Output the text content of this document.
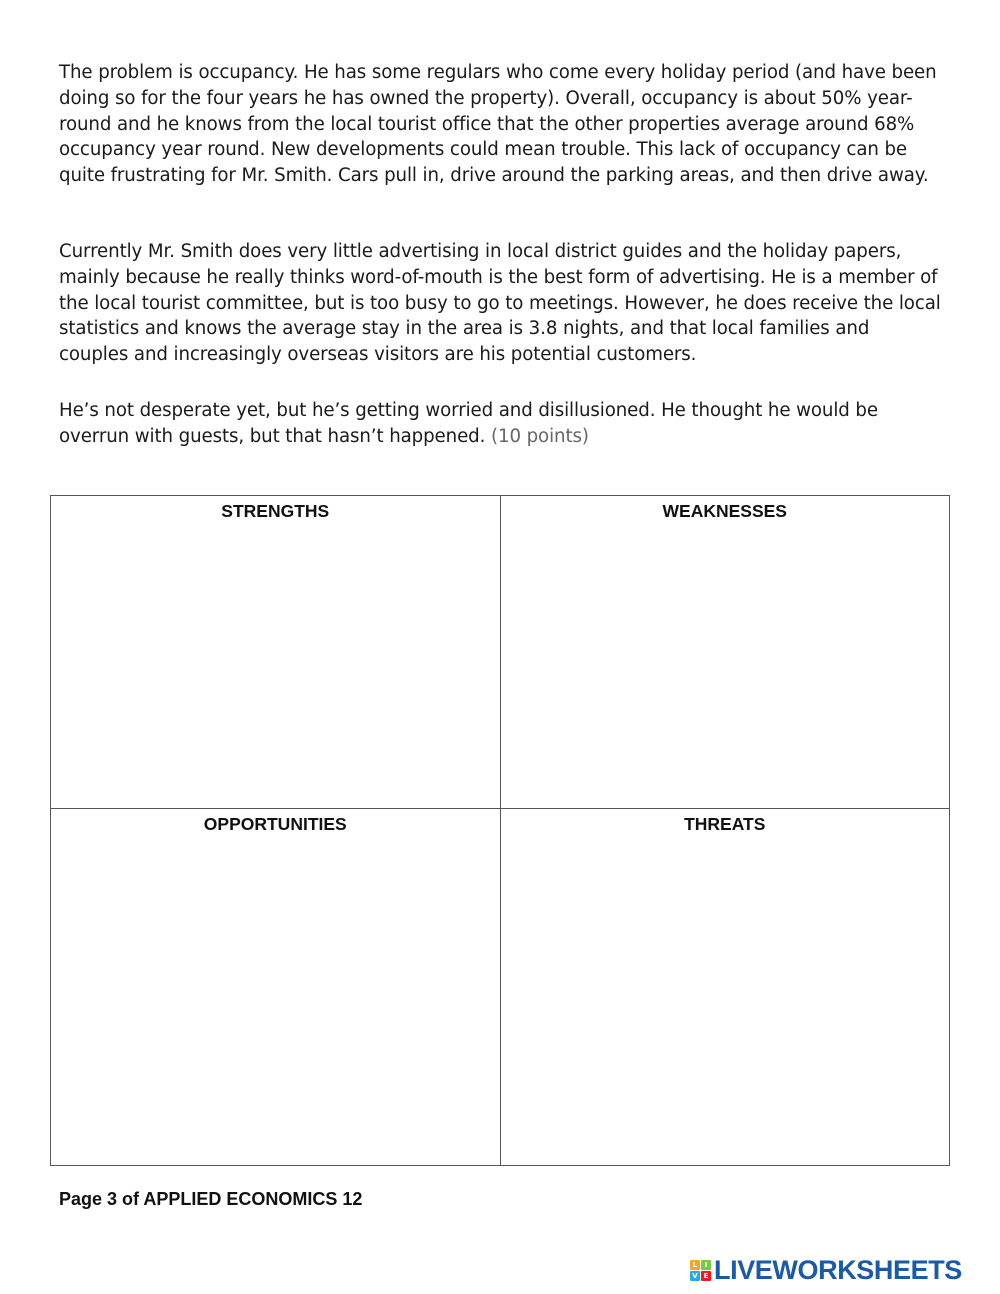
The problem is occupancy. He has some regulars who come every holiday period (and have been doing so for the four years he has owned the property). Overall, occupancy is about 50% year-round and he knows from the local tourist office that the other properties average around 68% occupancy year round. New developments could mean trouble. This lack of occupancy can be quite frustrating for Mr. Smith. Cars pull in, drive around the parking areas, and then drive away.

Currently Mr. Smith does very little advertising in local district guides and the holiday papers, mainly because he really thinks word-of-mouth is the best form of advertising. He is a member of the local tourist committee, but is too busy to go to meetings. However, he does receive the local statistics and knows the average stay in the area is 3.8 nights, and that local families and couples and increasingly overseas visitors are his potential customers.

He’s not desperate yet, but he’s getting worried and disillusioned. He thought he would be overrun with guests, but that hasn’t happened. (10 points)

STRENGTHS	WEAKNESSES

OPPORTUNITIES	THREATS
Page 3 of APPLIED ECONOMICS 12
L	I
V E LIVEWORKSHEETS
